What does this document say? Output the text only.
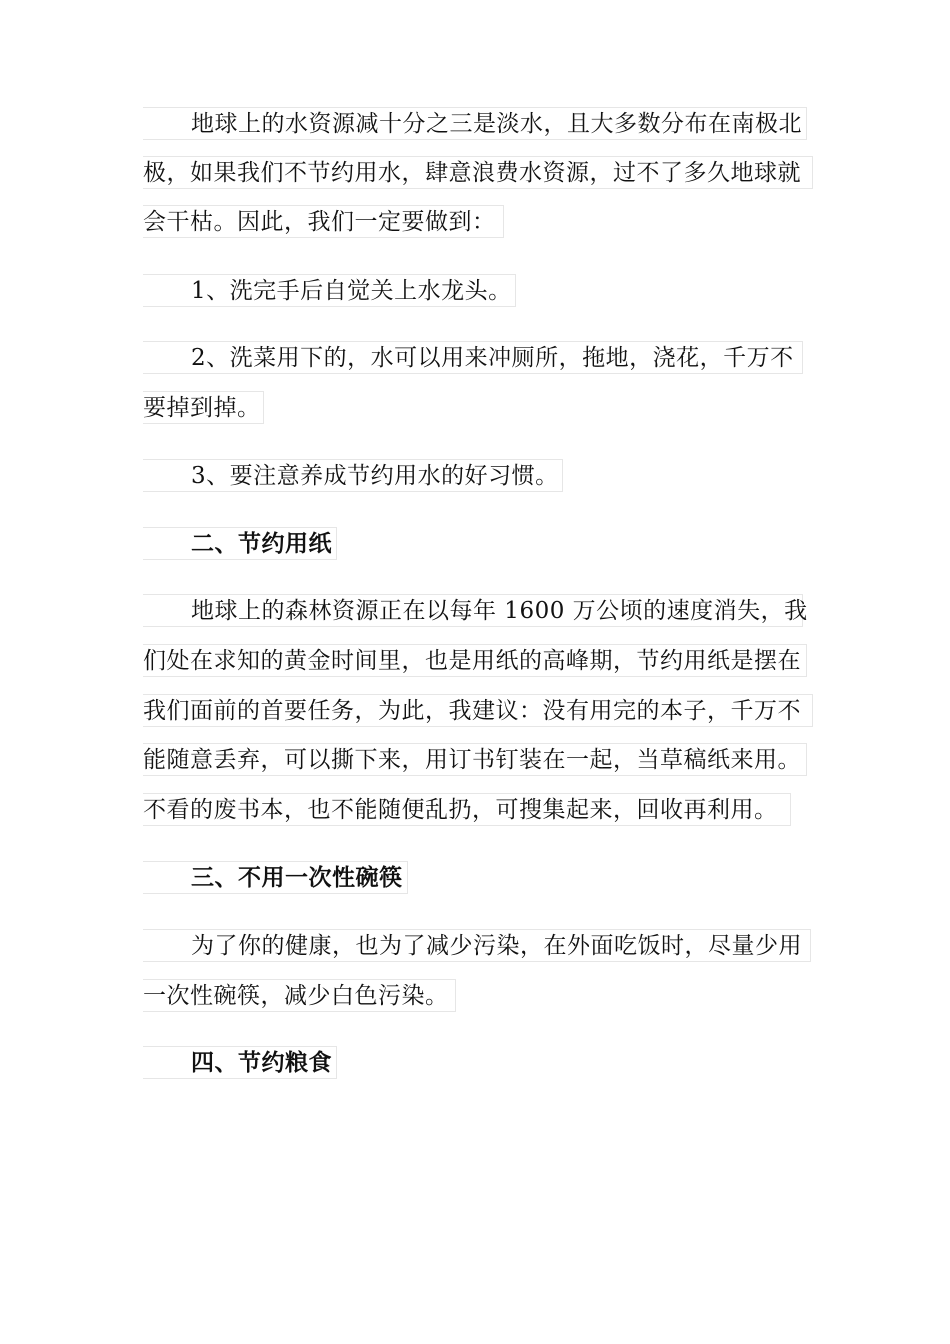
地球上的水资源减十分之三是淡水，且大多数分布在南极北
极，如果我们不节约用水，肆意浪费水资源，过不了多久地球就
会干枯。因此，我们一定要做到：
1、洗完手后自觉关上水龙头。
2、洗菜用下的，水可以用来冲厕所，拖地，浇花，千万不
要掉到掉。
3、要注意养成节约用水的好习惯。
二、节约用纸
地球上的森林资源正在以每年 1600 万公顷的速度消失，我
们处在求知的黄金时间里，也是用纸的高峰期，节约用纸是摆在
我们面前的首要任务，为此，我建议：没有用完的本子，千万不
能随意丢弃，可以撕下来，用订书钉装在一起，当草稿纸来用。
不看的废书本，也不能随便乱扔，可搜集起来，回收再利用。
三、不用一次性碗筷
为了你的健康，也为了减少污染，在外面吃饭时，尽量少用
一次性碗筷，减少白色污染。
四、节约粮食
